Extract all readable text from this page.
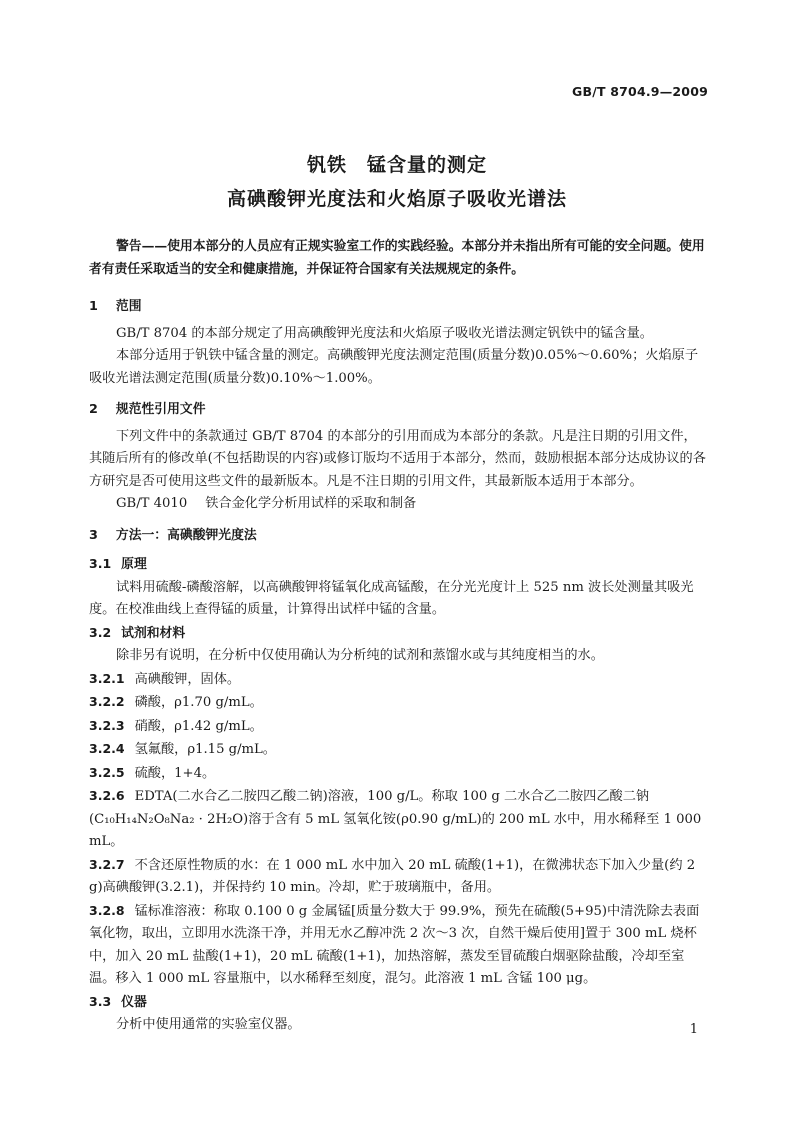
GB/T 8704.9—2009
钒铁　锰含量的测定
高碘酸钾光度法和火焰原子吸收光谱法

警告——使用本部分的人员应有正规实验室工作的实践经验。本部分并未指出所有可能的安全问题。使用者有责任采取适当的安全和健康措施，并保证符合国家有关法规规定的条件。

1 范围

GB/T 8704 的本部分规定了用高碘酸钾光度法和火焰原子吸收光谱法测定钒铁中的锰含量。

本部分适用于钒铁中锰含量的测定。高碘酸钾光度法测定范围(质量分数)0.05%～0.60%；火焰原子吸收光谱法测定范围(质量分数)0.10%～1.00%。

2 规范性引用文件

下列文件中的条款通过 GB/T 8704 的本部分的引用而成为本部分的条款。凡是注日期的引用文件，其随后所有的修改单(不包括勘误的内容)或修订版均不适用于本部分，然而，鼓励根据本部分达成协议的各方研究是否可使用这些文件的最新版本。凡是不注日期的引用文件，其最新版本适用于本部分。

GB/T 4010 铁合金化学分析用试样的采取和制备

3 方法一：高碘酸钾光度法
3.1 原理

试料用硫酸-磷酸溶解，以高碘酸钾将锰氧化成高锰酸，在分光光度计上 525 nm 波长处测量其吸光度。在校准曲线上查得锰的质量，计算得出试样中锰的含量。

3.2 试剂和材料

除非另有说明，在分析中仅使用确认为分析纯的试剂和蒸馏水或与其纯度相当的水。

3.2.1 高碘酸钾，固体。

3.2.2 磷酸，ρ1.70 g/mL。

3.2.3 硝酸，ρ1.42 g/mL。

3.2.4 氢氟酸，ρ1.15 g/mL。

3.2.5 硫酸，1+4。

3.2.6 EDTA(二水合乙二胺四乙酸二钠)溶液，100 g/L。称取 100 g 二水合乙二胺四乙酸二钠(C₁₀H₁₄N₂O₈Na₂ · 2H₂O)溶于含有 5 mL 氢氧化铵(ρ0.90 g/mL)的 200 mL 水中，用水稀释至 1 000 mL。

3.2.7 不含还原性物质的水：在 1 000 mL 水中加入 20 mL 硫酸(1+1)，在微沸状态下加入少量(约 2 g)高碘酸钾(3.2.1)，并保持约 10 min。冷却，贮于玻璃瓶中，备用。

3.2.8 锰标准溶液：称取 0.100 0 g 金属锰[质量分数大于 99.9%，预先在硫酸(5+95)中清洗除去表面氧化物，取出，立即用水洗涤干净，并用无水乙醇冲洗 2 次～3 次，自然干燥后使用]置于 300 mL 烧杯中，加入 20 mL 盐酸(1+1)，20 mL 硫酸(1+1)，加热溶解，蒸发至冒硫酸白烟驱除盐酸，冷却至室温。移入 1 000 mL 容量瓶中，以水稀释至刻度，混匀。此溶液 1 mL 含锰 100 μg。

3.3 仪器

分析中使用通常的实验室仪器。	1
